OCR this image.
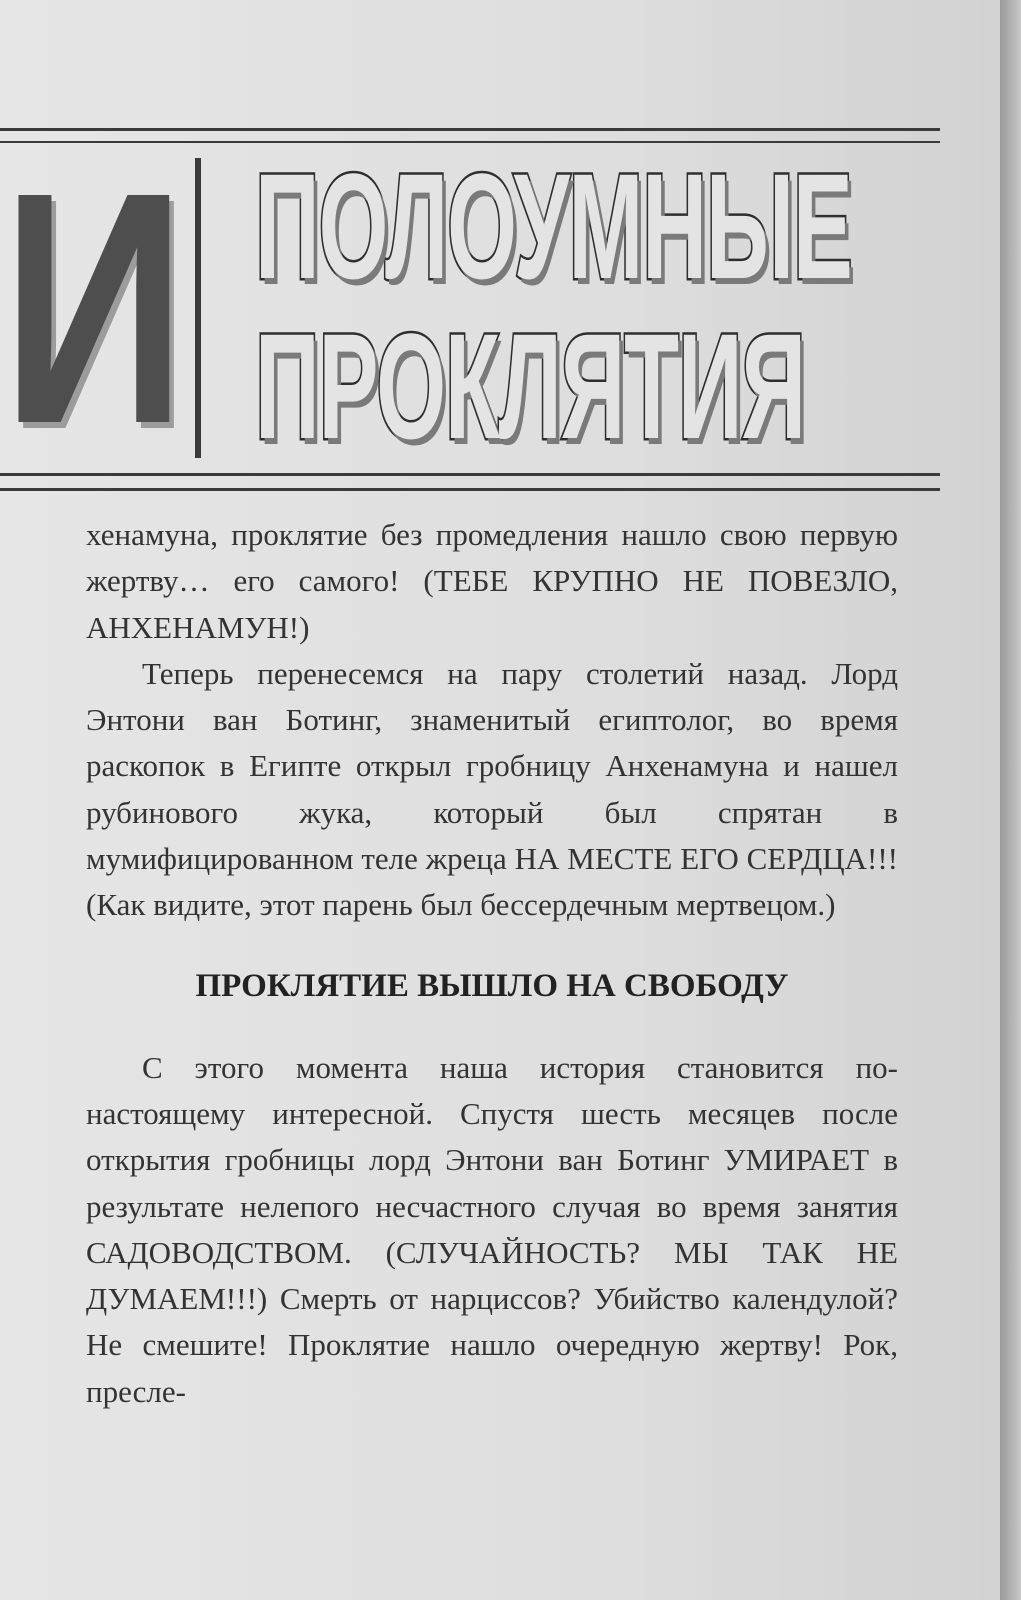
И ПОЛОУМНЫЕ
ПРОКЛЯТИЯ

хенамуна, проклятие без промедления нашло свою первую жертву… его самого! (ТЕБЕ КРУПНО НЕ ПОВЕЗЛО, АНХЕНАМУН!)

Теперь перенесемся на пару столетий назад. Лорд Энтони ван Ботинг, знаменитый египтолог, во время раскопок в Египте открыл гробницу Анхенамуна и нашел рубинового жука, который был спрятан в мумифицированном теле жреца НА МЕСТЕ ЕГО СЕРДЦА!!! (Как видите, этот парень был бессердечным мертвецом.)

ПРОКЛЯТИЕ ВЫШЛО НА СВОБОДУ

С этого момента наша история становится по-настоящему интересной. Спустя шесть месяцев после открытия гробницы лорд Энтони ван Ботинг УМИРАЕТ в результате нелепого несчастного случая во время занятия САДОВОДСТВОМ. (СЛУЧАЙНОСТЬ? МЫ ТАК НЕ ДУМАЕМ!!!) Смерть от нарциссов? Убийство календулой? Не смешите! Проклятие нашло очередную жертву! Рок, пресле-
